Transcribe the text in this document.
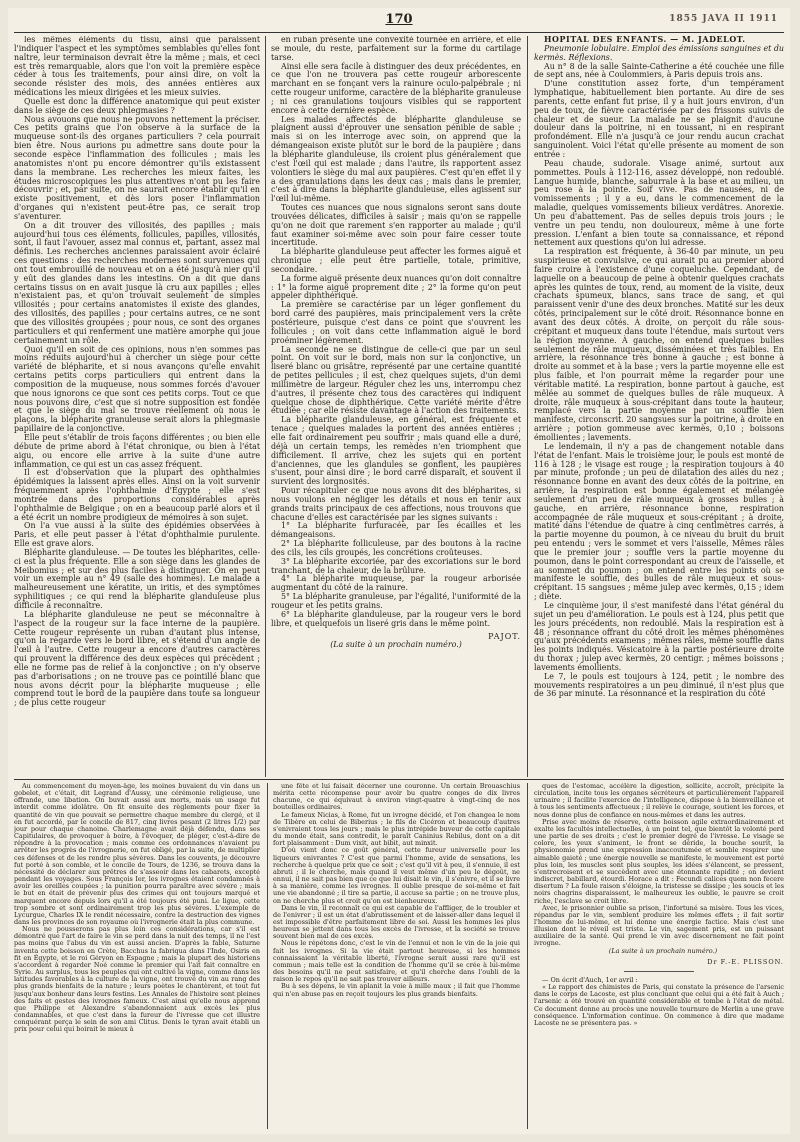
170	1855 JAVA II 1911

les mêmes éléments du tissu, ainsi que paraissent l'indiquer l'aspect et les symptômes semblables qu'elles font naître, leur terminaison devrait être la même ; mais, et ceci est très remarquable, alors que l'on voit la première espèce céder à tous les traitements, pour ainsi dire, on voit la seconde résister des mois, des années entières aux médications les mieux dirigées et les mieux suivies.

Quelle est donc la différence anatomique qui peut exister dans le siège de ces deux phlegmasies ?

Nous avouons que nous ne pouvons nettement la préciser. Ces petits grains que l'on observe à la surface de la muqueuse sont-ils des organes particuliers ? cela pourrait bien être. Nous aurions pu admettre sans doute pour la seconde espèce l'inflammation des follicules ; mais les anatomistes n'ont pu encore démontrer qu'ils existassent dans la membrane. Les recherches les mieux faites, les études microscopiques les plus attentives n'ont pu les faire découvrir ; et, par suite, on ne saurait encore établir qu'il en existe positivement, et dès lors poser l'inflammation d'organes qui n'existent peut-être pas, ce serait trop s'aventurer.

On a dit trouver des villosités, des papilles ; mais aujourd'hui tous ces éléments, follicules, papilles, villosités, sont, il faut l'avouer, assez mal connus et, partant, assez mal définis. Les recherches anciennes paraissaient avoir éclairé ces questions : des recherches modernes sont survenues qui ont tout embrouillé de nouveau et on a été jusqu'à nier qu'il y eût des glandes dans les intestins. On a dit que dans certains tissus on en avait jusque là cru aux papilles ; elles n'existaient pas, et qu'on trouvait seulement de simples villosités ; pour certains anatomistes il existe des glandes, des villosités, des papilles ; pour certains autres, ce ne sont que des villosités groupées ; pour nous, ce sont des organes particuliers et qui renferment une matière amorphe qui joue certainement un rôle.

Quoi qu'il en soit de ces opinions, nous n'en sommes pas moins réduits aujourd'hui à chercher un siège pour cette variété de blépharite, et si nous avançons qu'elle envahit certains petits corps particuliers qui entrent dans la composition de la muqueuse, nous sommes forcés d'avouer que nous ignorons ce que sont ces petits corps. Tout ce que nous pouvons dire, c'est que si notre supposition est fondée et que le siège du mal se trouve réellement où nous le plaçons, la blépharite granuleuse serait alors la phlegmasie papillaire de la conjonctive.

Elle peut s'établir de trois façons différentes ; ou bien elle débute de prime abord à l'état chronique, ou bien à l'état aigu, ou encore elle arrive à la suite d'une autre inflammation, ce qui est un cas assez fréquent.

Il est d'observation que la plupart des ophthalmies épidémiques la laissent après elles. Ainsi on la voit survenir fréquemment après l'ophthalmie d'Égypte ; elle s'est montrée dans des proportions considérables après l'ophthalmie de Belgique ; on en a beaucoup parlé alors et il a été écrit un nombre prodigieux de mémoires à son sujet.

On l'a vue aussi à la suite des épidémies observées à Paris, et elle peut passer à l'état d'ophthalmie purulente. Elle est grave alors.

Blépharite glanduleuse. — De toutes les blépharites, celle-ci est la plus fréquente. Elle a son siège dans les glandes de Meibomius ; et sur des plus faciles à distinguer. On en peut voir un exemple au n° 49 (salle des hommes). Le malade a malheureusement une kératite, un iritis, et des symptômes syphilitiques ; ce qui rend la blépharite glanduleuse plus difficile à reconnaître.

La blépharite glanduleuse ne peut se méconnaître à l'aspect de la rougeur sur la face interne de la paupière. Cette rougeur représente un ruban d'autant plus intense, qu'on la regarde vers le bord libre, et s'étend d'un angle de l'œil à l'autre. Cette rougeur a encore d'autres caractères qui prouvent la différence des deux espèces qui précèdent ; elle ne forme pas de relief à la conjonctive ; on n'y observe pas d'arborisations ; on ne trouve pas ce pointillé blanc que nous avons décrit pour la blépharite muqueuse ; elle comprend tout le bord de la paupière dans toute sa longueur ; de plus cette rougeur

en ruban présente une convexité tournée en arrière, et elle se moule, du reste, parfaitement sur la forme du cartilage tarse.

Ainsi elle sera facile à distinguer des deux précédentes, en ce que l'on ne trouvera pas cette rougeur arborescente marchant en se fonçant vers la rainure oculo-palpébrale ; ni cette rougeur uniforme, caractère de la blépharite granuleuse ; ni ces granulations toujours visibles qui se rapportent encore à cette dernière espèce.

Les malades affectés de blépharite glanduleuse se plaignent aussi d'éprouver une sensation pénible de sable ; mais si on les interroge avec soin, on apprend que la démangeaison existe plutôt sur le bord de la paupière ; dans la blépharite glanduleuse, ils croient plus généralement que c'est l'œil qui est malade ; dans l'autre, ils rapportent assez volontiers le siège du mal aux paupières. C'est qu'en effet il y a des granulations dans les deux cas ; mais dans le premier, c'est à dire dans la blépharite glanduleuse, elles agissent sur l'œil lui-même.

Toutes ces nuances que nous signalons seront sans doute trouvées délicates, difficiles à saisir ; mais qu'on se rappelle qu'on ne doit que rarement s'en rapporter au malade ; qu'il faut examiner soi-même avec soin pour faire cesser toute incertitude.

La blépharite glanduleuse peut affecter les formes aiguë et chronique ; elle peut être partielle, totale, primitive, secondaire.

La forme aiguë présente deux nuances qu'on doit connaître : 1° la forme aiguë proprement dite ; 2° la forme qu'on peut appeler diphthérique.

La première se caractérise par un léger gonflement du bord carré des paupières, mais principalement vers la crête postérieure, puisque c'est dans ce point que s'ouvrent les follicules ; on voit dans cette inflammation aiguë le bord proéminer légèrement.

La seconde ne se distingue de celle-ci que par un seul point. On voit sur le bord, mais non sur la conjonctive, un liseré blanc ou grisâtre, représenté par une certaine quantité de petites pellicules ; il est, chez quelques sujets, d'un demi millimètre de largeur. Réguler chez les uns, interrompu chez d'autres, il présente chez tous des caractères qui indiquent quelque chose de diphthérique. Cette variété mérite d'être étudiée ; car elle résiste davantage à l'action des traitements.

La blépharite glanduleuse, en général, est fréquente et tenace ; quelques malades la portent des années entières ; elle fait ordinairement peu souffrir ; mais quand elle a duré, déjà un certain temps, les remèdes n'en triomphent que difficilement. Il arrive, chez les sujets qui en portent d'anciennes, que les glandules se gonflent, les paupières s'usent, pour ainsi dire ; le bord carré disparaît, et souvent il survient des lorgnosités.

Pour récapituler ce que nous avons dit des blépharites, si nous voulons en négliger les détails et nous en tenir aux grands traits principaux de ces affections, nous trouvons que chacune d'elles est caractérisée par les signes suivants :

1° La blépharite furfuracée, par les écailles et les démangeaisons.

2° La blépharite folliculeuse, par des boutons à la racine des cils, les cils groupés, les concrétions croûteuses.

3° La blépharite excoriée, par des excoriations sur le bord tranchant, de la chaleur, de la brûlure.

4° La blépharite muqueuse, par la rougeur arborisée augmentant du côté de la rainure.

5° La blépharite granuleuse, par l'égalité, l'uniformité de la rougeur et les petits grains.

6° La blépharite glanduleuse, par la rougeur vers le bord libre, et quelquefois un liseré gris dans le même point.

PAJOT.

(La suite à un prochain numéro.)

HOPITAL DES ENFANTS. — M. JADELOT.

Pneumonie lobulaire. Emploi des émissions sanguines et du kermès. Réflexions.

Au n° 8 de la salle Sainte-Catherine a été couchée une fille de sept ans, née à Coulommiers, à Paris depuis trois ans.

D'une constitution assez forte, d'un tempérament lymphatique, habituellement bien portante. Au dire de ses parents, cette enfant fut prise, il y a huit jours environ, d'un peu de toux, de fièvre caractérisée par des frissons suivis de chaleur et de sueur. La malade ne se plaignit d'aucune douleur dans la poitrine, ni en toussant, ni en respirant profondément. Elle n'a jusqu'à ce jour rendu aucun crachat sanguinolent. Voici l'état qu'elle présente au moment de son entrée :

Peau chaude, sudorale. Visage animé, surtout aux pommettes. Pouls à 112-116, assez développé, non redoublé. Langue humide, blanche, saburrale à la base et au milieu, un peu rose à la pointe. Soif vive. Pas de nausées, ni de vomissements ; il y a eu, dans le commencement de la maladie, quelques vomissements bilieux verdâtres. Anorexie. Un peu d'abattement. Pas de selles depuis trois jours ; le ventre un peu tendu, non douloureux, même à une forte pression. L'enfant a bien toute sa connaissance, et répond nettement aux questions qu'on lui adresse.

La respiration est fréquente, à 36-40 par minute, un peu suspirieuse et convulsive, ce qui aurait pu au premier abord faire croire à l'existence d'une coqueluche. Cependant, de laquelle on a beaucoup de peine à obtenir quelques crachats après les quintes de toux, rend, au moment de la visite, deux crachats spumeux, blancs, sans trace de sang, et qui paraissent venir d'une des deux bronches. Matité sur les deux côtés, principalement sur le côté droit. Résonnance bonne en avant des deux côtés. À droite, on perçoit du râle sous-crépitant et muqueux dans toute l'étendue, mais surtout vers la région moyenne. À gauche, on entend quelques bulles seulement de râle muqueux, disséminées et très faibles. En arrière, la résonnance très bonne à gauche ; est bonne à droite au sommet et à la base ; vers la partie moyenne elle est plus faible, et l'on pourrait même la regarder pour une véritable matité. La respiration, bonne partout à gauche, est mêlée au sommet de quelques bulles de râle muqueux. À droite, râle muqueux à sous-crépitant dans toute la hauteur, remplacé vers la partie moyenne par un souffle bien manifeste, circonscrit. 20 sangsues sur la poitrine, à droite en arrière ; potion gommeuse avec kermès, 0,10 ; boissons émollientes ; lavements.

Le lendemain, il n'y a pas de changement notable dans l'état de l'enfant. Mais le troisième jour, le pouls est monté de 116 à 128 ; le visage est rouge ; la respiration toujours à 40 par minute, profonde ; un peu de dilatation des ailes du nez ; résonnance bonne en avant des deux côtés de la poitrine, en arrière, la respiration est bonne également et mélangée seulement d'un peu de râle muqueux à grosses bulles ; à gauche, en arrière, résonnance bonne, respiration accompagnée de râle muqueux et sous-crépitant ; à droite, matité dans l'étendue de quatre à cinq centimètres carrés, à la partie moyenne du poumon, à ce niveau du bruit du bruit peu entendu ; vers le sommet et vers l'aisselle, Mêmes râles que le premier jour ; souffle vers la partie moyenne du poumon, dans le point correspondant au creux de l'aisselle, et au sommet du poumon ; on entend entre les points où se manifeste le souffle, des bulles de râle muqueux et sous-crépitant. 15 sangsues ; même julep avec kermès, 0,15 ; idem ; diète.

Le cinquième jour, il s'est manifesté dans l'état général du sujet un peu d'amélioration. Le pouls est à 124, plus petit que les jours précédents, non redoublé. Mais la respiration est à 48 ; résonnance offrant du côté droit les mêmes phénomènes qu'aux précédents examens ; mêmes râles, même souffle dans les points indiqués. Vésicatoire à la partie postérieure droite du thorax ; julep avec kermès, 20 centigr. ; mêmes boissons ; lavements émollients.

Le 7, le pouls est toujours à 124, petit ; le nombre des mouvements respiratoires a un peu diminué, il n'est plus que de 36 par minute. La résonnance et la respiration du côté

Au commencement du moyen-âge, les moines buvaient du vin dans un gobelet, et c'était, dit Legrand d'Aussy, une cérémonie religieuse, une offrande, une libation. On buvait aussi aux morts, mais un usage fut interdit comme idolâtre. On fit ensuite des règlements pour fixer la quantité de vin que pouvait se permettre chaque membre du clergé, et il en fut accordé, par le concile de 817, cinq livres pesant (2 litres 1/2) par jour pour chaque chanoine. Charlemagne avait déjà défendu, dans ses Capitulaires, de provoquer à boire, à l'évoquer, de pléger, c'est-à-dire de répondre à la provocation ; mais comme ces ordonnances n'avaient pu arrêter les progrès de l'ivrognerie, on fut obligé, par la suite, de multiplier ces défenses et de les rendre plus sévères. Dans les couvents, je découvre fut porté à son comble, et le concile de Tours, de 1236, se trouva dans la nécessité de déclarer aux prêtres de s'asseoir dans les cabarets, excepté pendant les voyages. Sous François Ier, les ivrognes étaient condamnés à avoir les oreilles coupées ; la punition pourra paraître avec sévère ; mais le but en était de prévenir plus des crimes qui ont toujours marqué et marquent encore depuis lors qu'il a été toujours été puni. Le ligue, cette trop sombre et sont ordinairement trop les plus sévères. L'exemple de Lycurgue, Charles IX le rendit nécessaire, contre la destruction des vignes dans les provinces de son royaume où l'ivrognerie était la plus commune.

Nous ne pousserons pas plus loin ces considérations, car s'il est démontré que l'art de faire le vin se perd dans la nuit des temps, il ne l'est pas moins que l'abus du vin est aussi ancien. D'après la fable, Saturne inventa cette boisson en Crète, Bacchus la fabriqua dans l'Inde, Osiris en fit en Égypte, et le roi Géryon en Espagne ; mais la plupart des historiens s'accordent à regarder Noé comme le premier qui l'ait fait connaître en Syrie. Au surplus, tous les peuples qui ont cultivé la vigne, comme dans les latitudes favorables à la culture de la vigne, ont trouvé du vin au rang des plus grands bienfaits de la nature ; leurs poètes le chantèrent, et tout fut jusqu'aux bonheur dans leurs festins. Les Annales de l'histoire sont pleines des faits et gestes des ivrognes fameux. C'est ainsi qu'elle nous apprend que Philippe et Alexandre s'abandonnaient aux excès les plus condamnables, et que c'est dans la fureur de l'ivresse que cet illustre conquérant perça le sein de son ami Clitus. Denis le tyran avait établi un prix pour celui qui boirait le mieux à

une fête et lui faisait décerner une couronne. Un certain Brouaschius mérita cette récompense pour avoir bu quatre conges de dix livres chacune, ce qui équivaut à environ vingt-quatre à vingt-cinq de nos bouteilles ordinaires.

Le fameux Nicias, à Rome, fut un ivrogne décidé, et l'on changea le nom de Tibère en celui de Biberius ; le fils de Cicéron et beaucoup d'autres s'enivraient tous les jours ; mais le plus intrépide buveur de cette capitale du monde était, sans contredit, le paraît Caninius Rebilus, dont on a dit fort plaisamment : Dum vixit, aut bibit, aut minxit.

D'où vient donc ce goût général, cette fureur universelle pour les liqueurs enivrantes ? C'est que parmi l'homme, avide de sensations, les recherche à quelque prix que ce soit ; c'est qu'il vit à peu, il s'ennuie, il est abruti ; il le cherche, mais quand il veut même d'un peu le dégoût, ne ennui, il ne sait pas bien que ce que lui disait le vin, il s'enivre, et il se livre à sa manière, comme les ivrognes. Il oublie presque de soi-même et fait une vie abandonné ; il tire sa partie, il accuse sa partie ; on ne trouve plus, on ne cherche plus et croit qu'on est bienheureux.

Dans le vin, il reconnaît ce qui est capable de l'affliger, de le troubler et de l'enivrer ; il est un état d'abrutissement et de laisser-aller dans lequel il est impossible d'être parfaitement libre de soi. Aussi les hommes les plus heureux se jettent dans tous les excès de l'ivresse, et la société se trouve souvent bien mal de ces excès.

Nous le répétons donc, c'est le vin de l'ennui et non le vin de la joie qui fait les ivrognes. Si la vie était partout heureuse, si les hommes connaissaient la véritable liberté, l'ivrogne serait aussi rare qu'il est commun ; mais telle est la condition de l'homme qu'il se crée à lui-même des besoins qu'il ne peut satisfaire, et qu'il cherche dans l'oubli de la raison le repos qu'il ne sait pas trouver ailleurs.

Bu à ses dépens, le vin aplanit la voie à mille maux ; il fait que l'homme qui n'en abuse pas en reçoit toujours les plus grands bienfaits.

ques de l'estomac, accélère la digestion, sollicite, accroît, précipite la circulation, incite tous les organes sécréteurs et particulièrement l'appareil urinaire ; il facilite l'exercice de l'intelligence, dispose à la bienveillance et à tous les sentiments affectueux ; il relève le courage, soutient les forces, et nous donne plus de confiance en nous-mêmes et dans les autres.

Prise avec moins de réserve, cette boisson agile extraordinairement et exalte les facultés intellectuelles, à un point tel, que bientôt la volonté perd une partie de ses droits ; c'est le premier degré de l'ivresse. Le visage se colore, les yeux s'animent, le front se déride, la bouche sourit, la physionomie prend une expression inaccoutumée et semble respirer une aimable gaieté ; une énergie nouvelle se manifeste, le mouvement est porté plus loin, les muscles sont plus souples, les idées s'élancent, se pressent, s'entrecroisent et se succèdent avec une étonnante rapidité ; on devient indiscret, babillard, étourdi. Horace a dit : Fecundi calices quem non fecere disertum ? La foule raison s'éloigne, la tristesse se dissipe ; les soucis et les noirs chagrins disparaissent, le malheureux les oublie, le pauvre se croit riche, l'esclave se croit libre.

Avec, le prisonnier oublie sa prison, l'infortuné sa misère. Tous les vices, répandus par le vin, semblent produire les mêmes effets ; il fait sortir l'homme de lui-même, et lui donne une énergie factice. Mais c'est une illusion dont le réveil est triste. Le vin, sagement pris, est un puissant auxiliaire de la santé. Qui prend le vin avec discernement ne fait point ivrogne.

(La suite à un prochain numéro.)

Dr F.-E. PLISSON.

— On écrit d'Auch, 1er avril :

« Le rapport des chimistes de Paris, qui constate la présence de l'arsenic dans le corps de Lacoste, est plus concluant que celui qui a été fait à Auch ; l'arsenic a été trouvé en quantité considérable et tombe à l'état de métal. Ce document donne au procès une nouvelle tournure de Merlin a une grave conséquence. L'information continue. On commence à dire que madame Lacoste ne se présentera pas. »
